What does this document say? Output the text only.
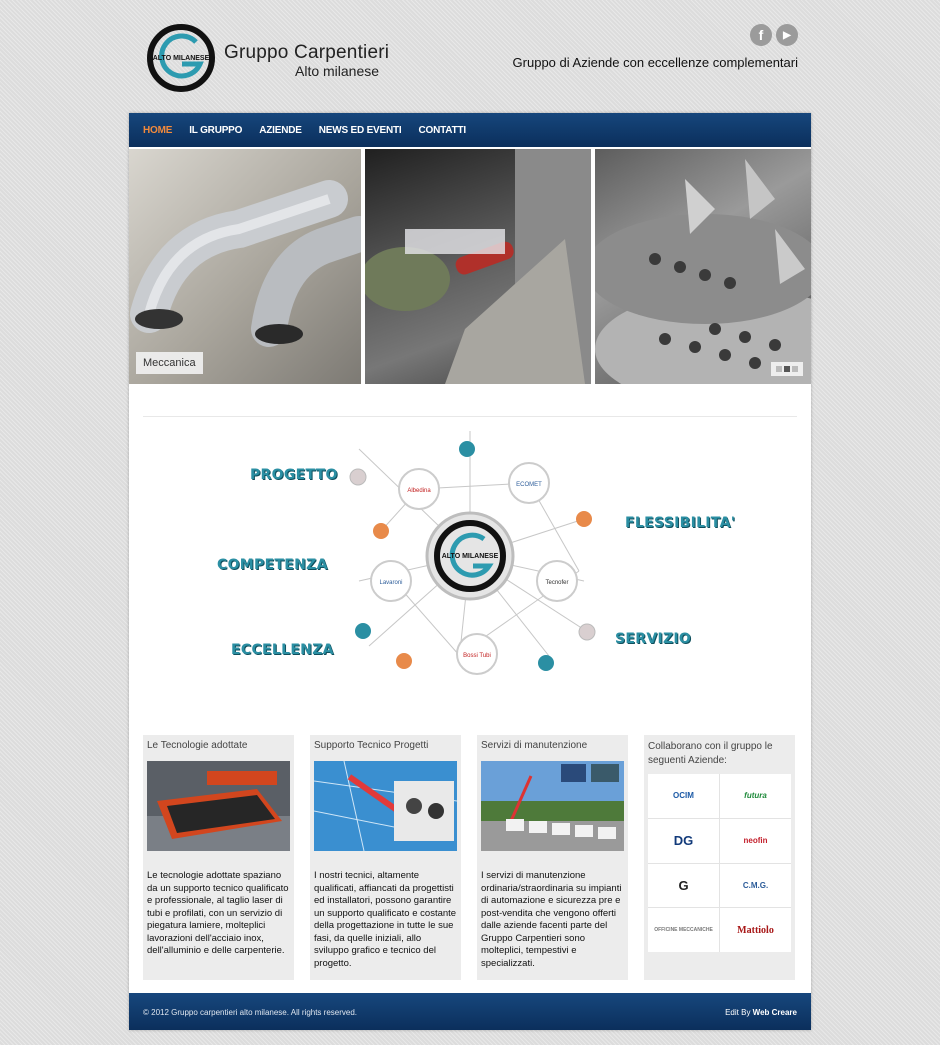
ALTO MILANESE Gruppo Carpentieri
Alto milanese
f	▶
Gruppo di Aziende con eccellenze complementari
HOME IL GRUPPO AZIENDE NEWS ED EVENTI CONTATTI
Meccanica
ALTO MILANESE
Albedina
ECOMET
Tecnofer
Lavaroni
Bossi Tubi
PROGETTO
FLESSIBILITA'
COMPETENZA
SERVIZIO
ECCELLENZA
Le Tecnologie adottate

Le tecnologie adottate spaziano da un supporto tecnico qualificato e professionale, al taglio laser di tubi e profilati, con un servizio di piegatura lamiere, molteplici lavorazioni dell'acciaio inox, dell'alluminio e delle carpenterie.

Supporto Tecnico Progetti

I nostri tecnici, altamente qualificati, affiancati da progettisti ed installatori, possono garantire un supporto qualificato e costante della progettazione in tutte le sue fasi, da quelle iniziali, allo sviluppo grafico e tecnico del progetto.

Servizi di manutenzione

I servizi di manutenzione ordinaria/straordinaria su impianti di automazione e sicurezza pre e post-vendita che vengono offerti dalle aziende facenti parte del Gruppo Carpentieri sono molteplici, tempestivi e specializzati.

Collaborano con il gruppo le seguenti Aziende:
OCIM	futura
DG	neofin
G	C.M.G.
OFFICINE MECCANICHE	Mattiolo
© 2012 Gruppo carpentieri alto milanese. All rights reserved.	Edit By Web Creare
